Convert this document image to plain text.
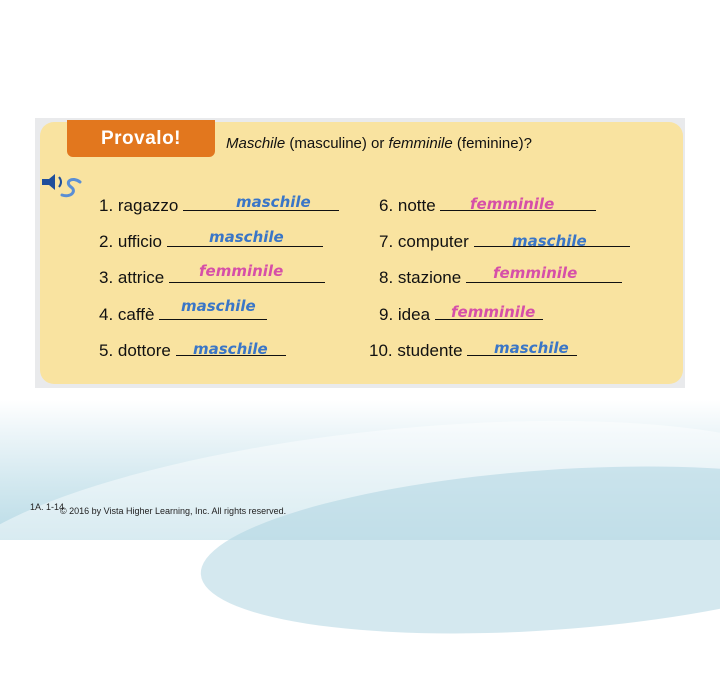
Provalo!	Maschile (masculine) or femminile (feminine)?
1. ragazzo	maschile
2. ufficio	maschile
3. attrice	femminile
4. caffè	maschile
5. dottore	maschile
6. notte	femminile
7. computer	maschile
8. stazione	femminile
9. idea	femminile
10. studente	maschile
1A. 1-14
© 2016 by Vista Higher Learning, Inc. All rights reserved.
